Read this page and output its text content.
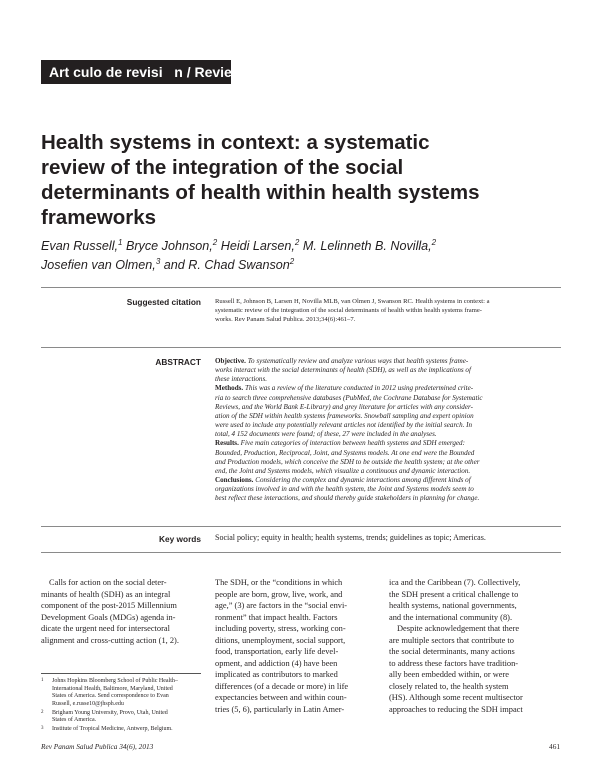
Art culo de revisi   n / Review
Health systems in context: a systematic
review of the integration of the social
determinants of health within health systems
frameworks
Evan Russell,$^1$ Bryce Johnson,$^2$ Heidi Larsen,$^2$ M. Lelinneth B. Novilla,$^2$
Josefien van Olmen,$^3$ and R. Chad Swanson$^2$
Suggested citation Russell E, Johnson B, Larsen H, Novilla MLB, van Olmen J, Swanson RC. Health systems in context: a
systematic review of the integration of the social determinants of health within health systems frame-
works. Rev Panam Salud Publica. 2013;34(6):461–7.
ABSTRACT Objective. To systematically review and analyze various ways that health systems frame-
works interact with the social determinants of health (SDH), as well as the implications of
these interactions.
Methods. This was a review of the literature conducted in 2012 using predetermined crite-
ria to search three comprehensive databases (PubMed, the Cochrane Database for Systematic
Reviews, and the World Bank E-Library) and grey literature for articles with any consider-
ation of the SDH within health systems frameworks. Snowball sampling and expert opinion
were used to include any potentially relevant articles not identified by the initial search. In
total, 4 152 documents were found; of these, 27 were included in the analyses.
Results. Five main categories of interaction between health systems and SDH emerged:
Bounded, Production, Reciprocal, Joint, and Systems models. At one end were the Bounded
and Production models, which conceive the SDH to be outside the health system; at the other
end, the Joint and Systems models, which visualize a continuous and dynamic interaction.
Conclusions. Considering the complex and dynamic interactions among different kinds of
organizations involved in and with the health system, the Joint and Systems models seem to
best reflect these interactions, and should thereby guide stakeholders in planning for change.
Key words Social policy; equity in health; health systems, trends; guidelines as topic; Americas.
Calls for action on the social deter-
minants of health (SDH) as an integral
component of the post-2015 Millennium
Development Goals (MDGs) agenda in-
dicate the urgent need for intersectoral
alignment and cross-cutting action (1, 2).
The SDH, or the “conditions in which
people are born, grow, live, work, and
age,” (3) are factors in the “social envi-
ronment” that impact health. Factors
including poverty, stress, working con-
ditions, unemployment, social support,
food, transportation, early life devel-
opment, and addiction (4) have been
implicated as contributors to marked
differences (of a decade or more) in life
expectancies between and within coun-
tries (5, 6), particularly in Latin Amer-
ica and the Caribbean (7). Collectively,
the SDH present a critical challenge to
health systems, national governments,
and the international community (8).
Despite acknowledgement that there
are multiple sectors that contribute to
the social determinants, many actions
to address these factors have tradition-
ally been embedded within, or were
closely related to, the health system
(HS). Although some recent multisector
approaches to reducing the SDH impact
1 Johns Hopkins Bloomberg School of Public Health–
International Health, Baltimore, Maryland, United
States of America. Send correspondence to Evan
Russell, e.russe10@jhsph.edu
2 Brigham Young University, Provo, Utah, United
States of America.
3 Institute of Tropical Medicine, Antwerp, Belgium.
Rev Panam Salud Publica 34(6), 2013	461
